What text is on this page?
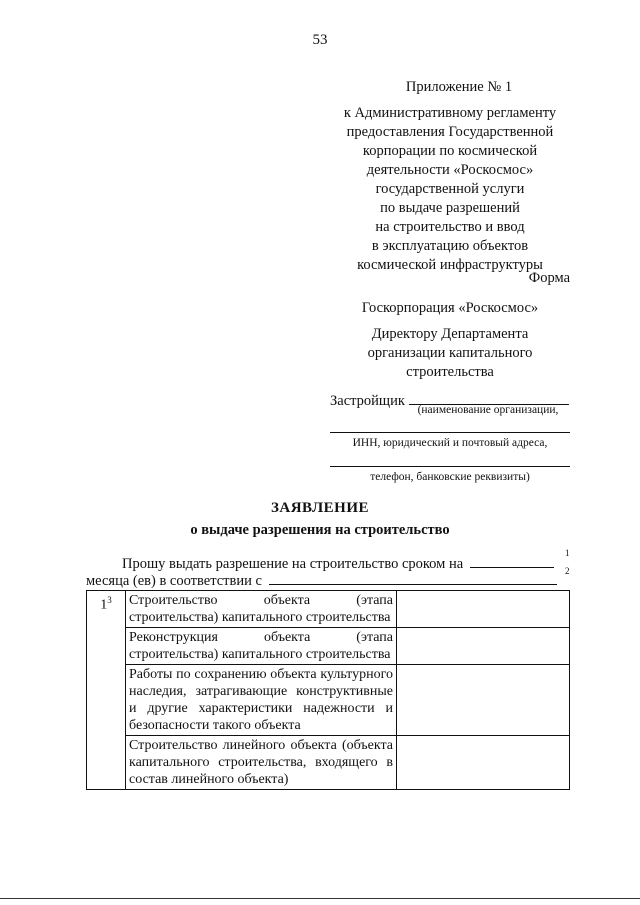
53
Приложение № 1
к Административному регламенту
предоставления Государственной
корпорации по космической
деятельности «Роскосмос»
государственной услуги
по выдаче разрешений
на строительство и ввод
в эксплуатацию объектов
космической инфраструктуры
Форма
Госкорпорация «Роскосмос»
Директору Департамента
организации капитального
строительства
Застройщик
(наименование организации,
ИНН, юридический и почтовый адреса,
телефон, банковские реквизиты)
ЗАЯВЛЕНИЕ
о выдаче разрешения на строительство
Прошу выдать разрешение на строительство сроком на
1
месяца (ев) в соответствии с
2
$1^3$	Строительство объекта (этапа строительства) капитального строительства	
	Реконструкция объекта (этапа строительства) капитального строительства	
	Работы по сохранению объекта культурного наследия, затрагивающие конструктивные и другие характеристики надежности и безопасности такого объекта	
	Строительство линейного объекта (объекта капитального строительства, входящего в состав линейного объекта)	
